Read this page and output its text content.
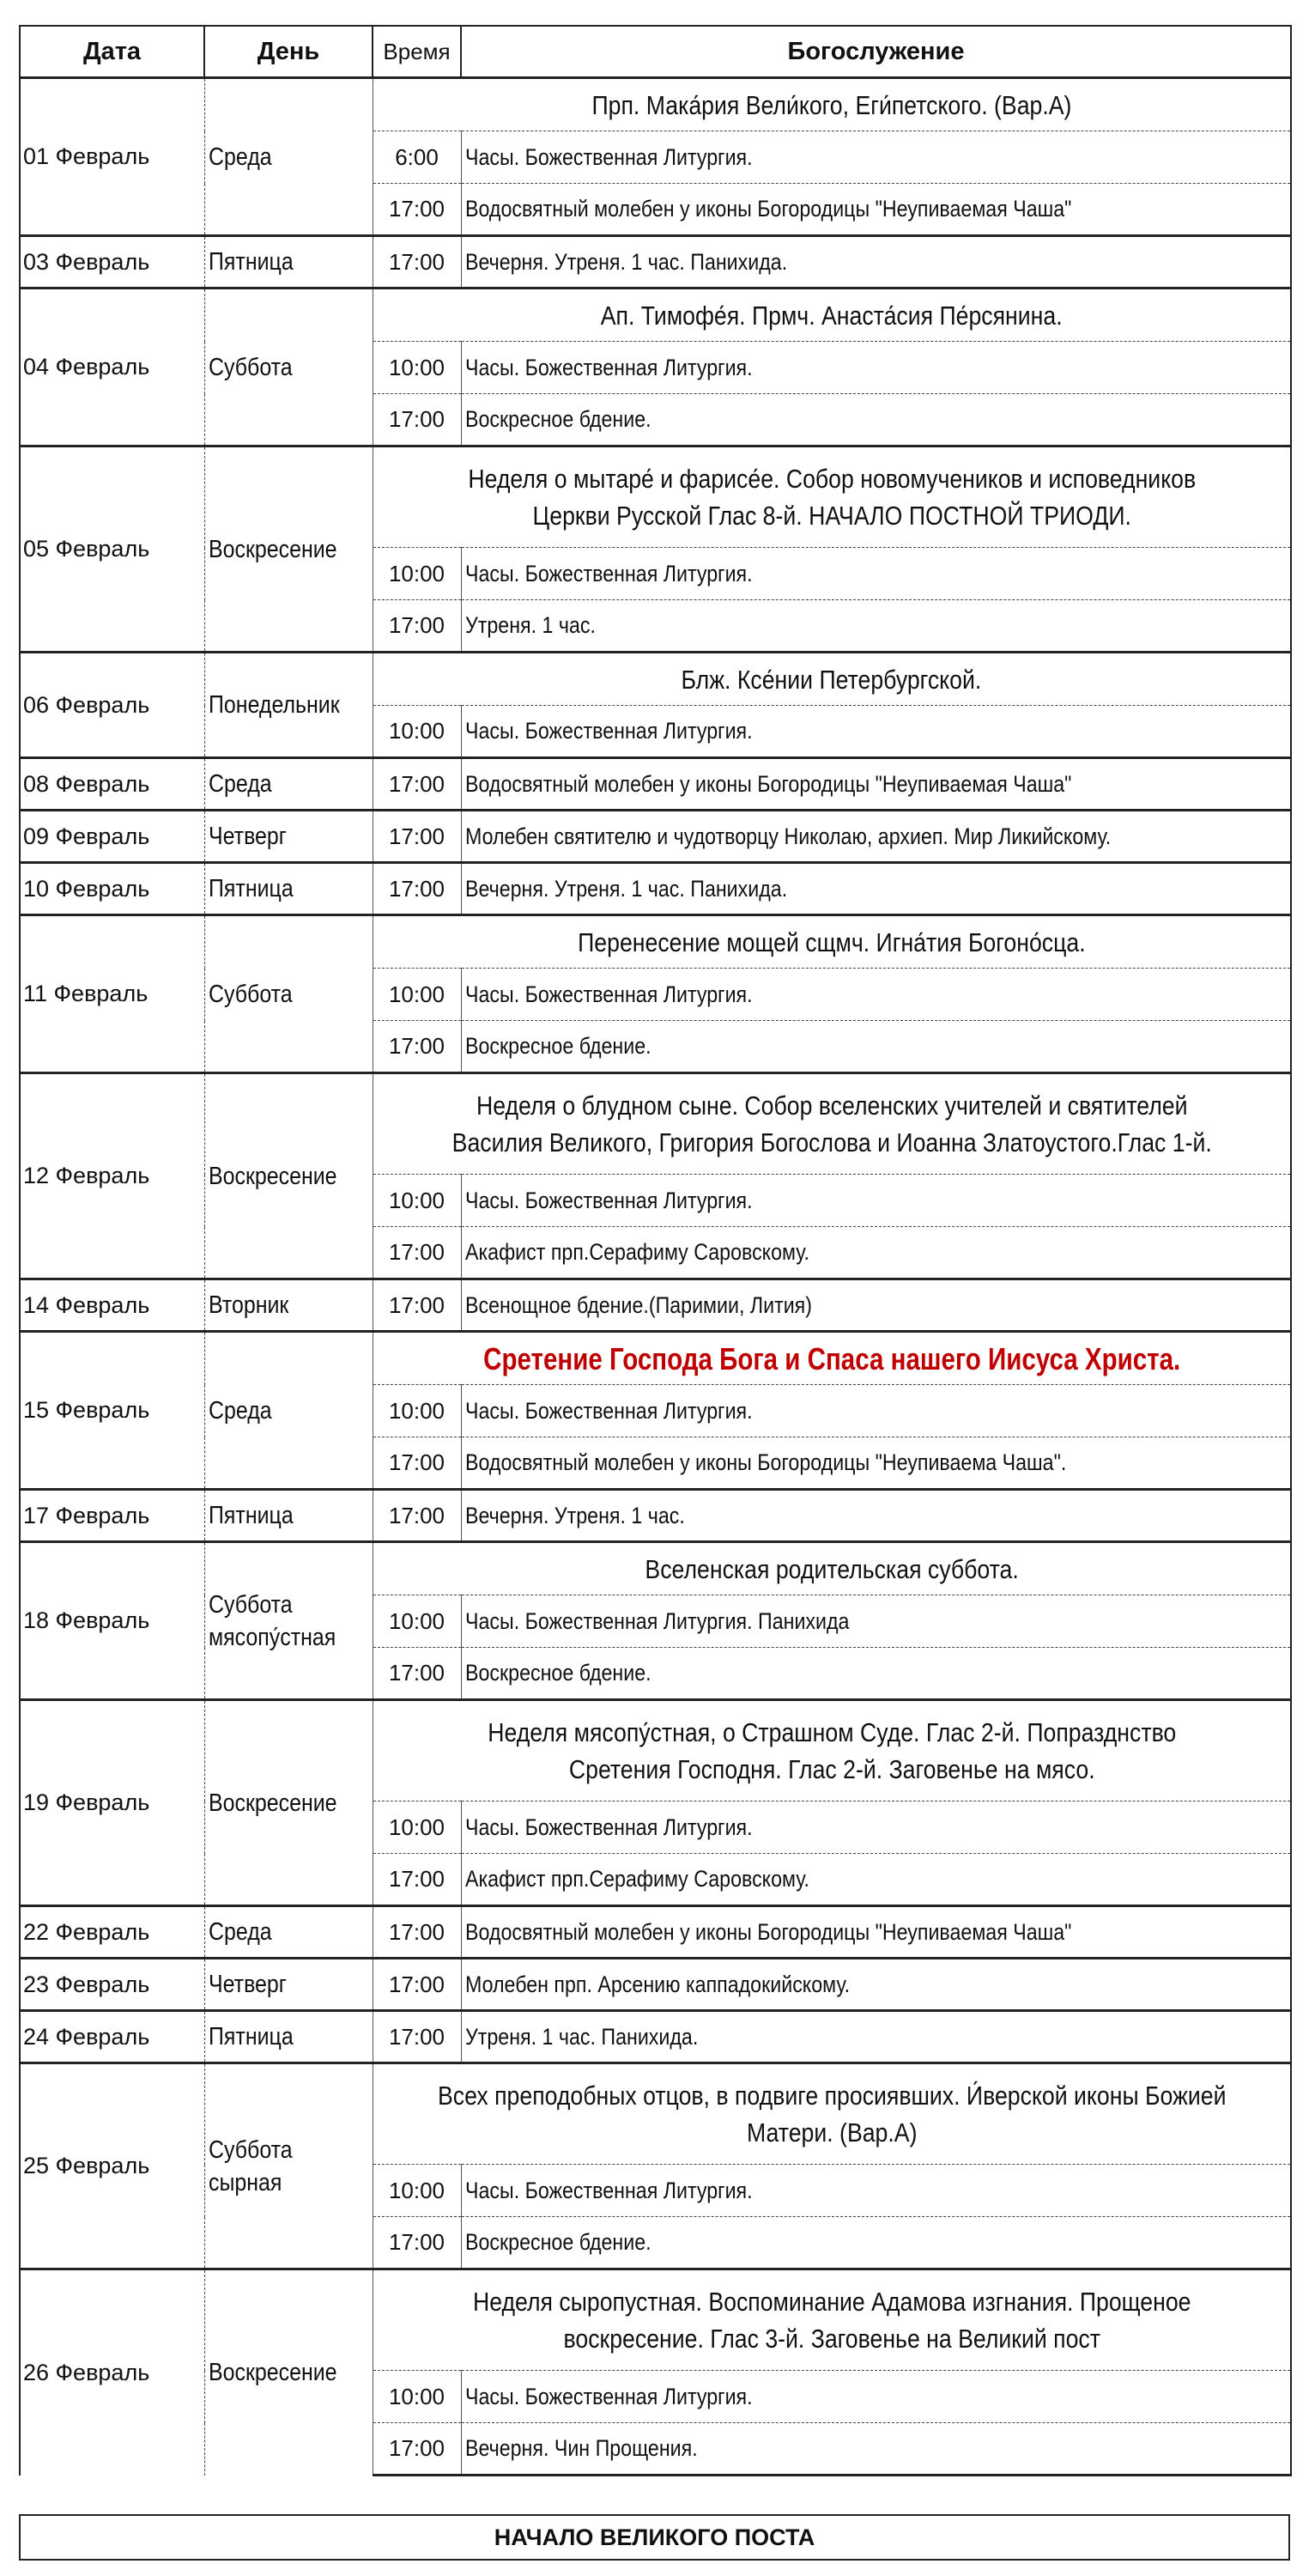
Дата	День	Время	Богослужение
01 Февраль	Среда	Прп. Мака́рия Вели́кого, Еги́петского. (Вар.А)	
		6:00	Часы. Божественная Литургия.
		17:00	Водосвятный молебен у иконы Богородицы "Неупиваемая Чаша"
03 Февраль	Пятница	17:00	Вечерня. Утреня. 1 час. Панихида.
04 Февраль	Суббота	Ап. Тимофе́я. Прмч. Анаста́сия Пе́рсянина.	
		10:00	Часы. Божественная Литургия.
		17:00	Воскресное бдение.
05 Февраль	Воскресение	Неделя о мытаре́ и фарисе́е. Собор новомучеников и исповедников Церкви Русской Глас 8-й. НАЧАЛО ПОСТНОЙ ТРИОДИ.	
		10:00	Часы. Божественная Литургия.
		17:00	Утреня. 1 час.
06 Февраль	Понедельник	Блж. Ксе́нии Петербургской.	
		10:00	Часы. Божественная Литургия.
08 Февраль	Среда	17:00	Водосвятный молебен у иконы Богородицы "Неупиваемая Чаша"
09 Февраль	Четверг	17:00	Молебен святителю и чудотворцу Николаю, архиеп. Мир Ликийскому.
10 Февраль	Пятница	17:00	Вечерня. Утреня. 1 час. Панихида.
11 Февраль	Суббота	Перенесение мощей сщмч. Игна́тия Богоно́сца.	
		10:00	Часы. Божественная Литургия.
		17:00	Воскресное бдение.
12 Февраль	Воскресение	Неделя о блудном сыне. Собор вселенских учителей и святителей Василия Великого, Григория Богослова и Иоанна Златоустого.Глас 1-й.	
		10:00	Часы. Божественная Литургия.
		17:00	Акафист прп.Серафиму Саровскому.
14 Февраль	Вторник	17:00	Всенощное бдение.(Паримии, Лития)
15 Февраль	Среда	Сретение Господа Бога и Спаса нашего Иисуса Христа.	
		10:00	Часы. Божественная Литургия.
		17:00	Водосвятный молебен у иконы Богородицы "Неупиваема Чаша".
17 Февраль	Пятница	17:00	Вечерня. Утреня. 1 час.
18 Февраль	Суббота мясопу́стная	Вселенская родительская суббота.	
		10:00	Часы. Божественная Литургия. Панихида
		17:00	Воскресное бдение.
19 Февраль	Воскресение	Неделя мясопу́стная, о Страшном Суде. Глас 2-й. Попразднство Сретения Господня. Глас 2-й. Заговенье на мясо.	
		10:00	Часы. Божественная Литургия.
		17:00	Акафист прп.Серафиму Саровскому.
22 Февраль	Среда	17:00	Водосвятный молебен у иконы Богородицы "Неупиваемая Чаша"
23 Февраль	Четверг	17:00	Молебен прп. Арсению каппадокийскому.
24 Февраль	Пятница	17:00	Утреня. 1 час. Панихида.
25 Февраль	Суббота сырная	Всех преподобных отцов, в подвиге просиявших. И́верской иконы Божией Матери. (Вар.А)	
		10:00	Часы. Божественная Литургия.
		17:00	Воскресное бдение.
26 Февраль	Воскресение	Неделя сыропустная. Воспоминание Адамова изгнания. Прощеное воскресение. Глас 3-й. Заговенье на Великий пост	
		10:00	Часы. Божественная Литургия.
		17:00	Вечерня. Чин Прощения.
НАЧАЛО ВЕЛИКОГО ПОСТА
